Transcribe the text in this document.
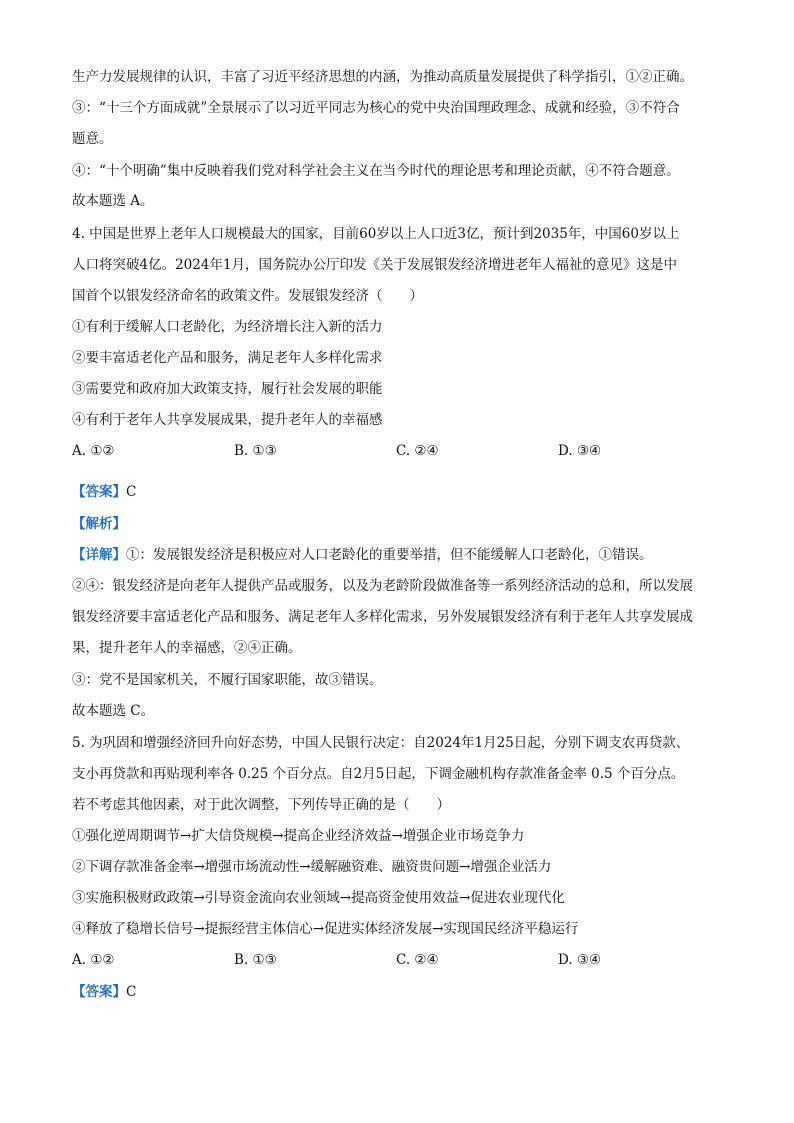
生产力发展规律的认识，丰富了习近平经济思想的内涵，为推动高质量发展提供了科学指引，①②正确。
③：“十三个方面成就”全景展示了以习近平同志为核心的党中央治国理政理念、成就和经验，③不符合
题意。
④：“十个明确”集中反映着我们党对科学社会主义在当今时代的理论思考和理论贡献，④不符合题意。
故本题选 A。
4. 中国是世界上老年人口规模最大的国家，目前60岁以上人口近3亿，预计到2035年，中国60岁以上
人口将突破4亿。2024年1月，国务院办公厅印发《关于发展银发经济增进老年人福祉的意见》这是中
国首个以银发经济命名的政策文件。发展银发经济（　　）
①有利于缓解人口老龄化，为经济增长注入新的活力
②要丰富适老化产品和服务，满足老年人多样化需求
③需要党和政府加大政策支持，履行社会发展的职能
④有利于老年人共享发展成果，提升老年人的幸福感
A. ①②	B. ①③	C. ②④	D. ③④
【答案】C
【解析】
【详解】①：发展银发经济是积极应对人口老龄化的重要举措，但不能缓解人口老龄化，①错误。
②④：银发经济是向老年人提供产品或服务，以及为老龄阶段做准备等一系列经济活动的总和，所以发展
银发经济要丰富适老化产品和服务、满足老年人多样化需求，另外发展银发经济有利于老年人共享发展成
果，提升老年人的幸福感，②④正确。
③：党不是国家机关，不履行国家职能，故③错误。
故本题选 C。
5. 为巩固和增强经济回升向好态势，中国人民银行决定：自2024年1月25日起，分别下调支农再贷款、
支小再贷款和再贴现利率各 0.25 个百分点。自2月5日起，下调金融机构存款准备金率 0.5 个百分点。
若不考虑其他因素，对于此次调整，下列传导正确的是（　　）
①强化逆周期调节→扩大信贷规模→提高企业经济效益→增强企业市场竞争力
②下调存款准备金率→增强市场流动性→缓解融资难、融资贵问题→增强企业活力
③实施积极财政政策→引导资金流向农业领域→提高资金使用效益→促进农业现代化
④释放了稳增长信号→提振经营主体信心→促进实体经济发展→实现国民经济平稳运行
A. ①②	B. ①③	C. ②④	D. ③④
【答案】C
